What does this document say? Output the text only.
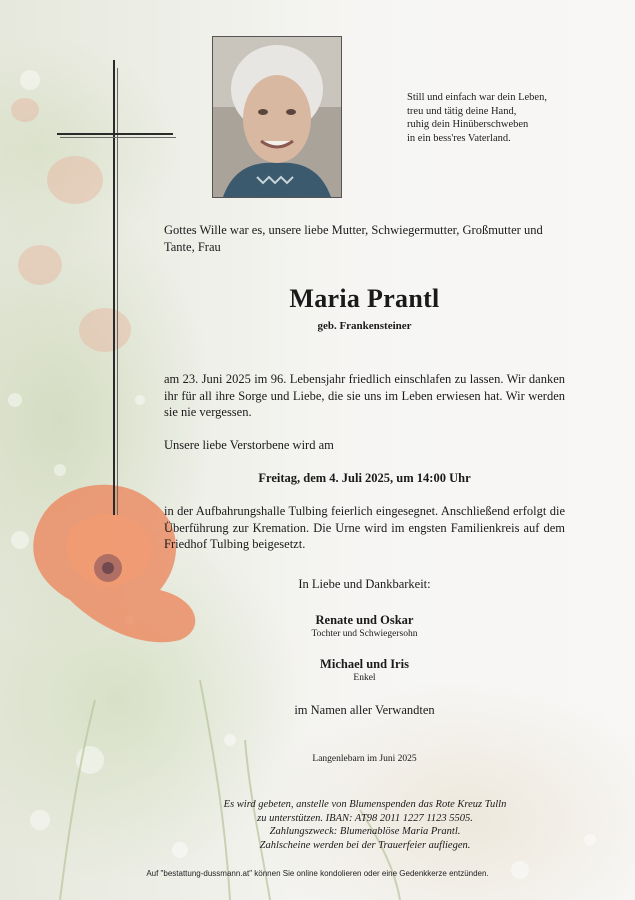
Still und einfach war dein Leben,
treu und tätig deine Hand,
ruhig dein Hinüberschweben
in ein bess'res Vaterland.
Gottes Wille war es, unsere liebe Mutter, Schwiegermutter, Großmutter und Tante, Frau
Maria Prantl
geb. Frankensteiner
am 23. Juni 2025 im 96. Lebensjahr friedlich einschlafen zu lassen. Wir danken ihr für all ihre Sorge und Liebe, die sie uns im Leben erwiesen hat. Wir werden sie nie vergessen.
Unsere liebe Verstorbene wird am
Freitag, dem 4. Juli 2025, um 14:00 Uhr
in der Aufbahrungshalle Tulbing feierlich eingesegnet. Anschließend erfolgt die Überführung zur Kremation. Die Urne wird im engsten Familienkreis auf dem Friedhof Tulbing beigesetzt.
In Liebe und Dankbarkeit:
Renate und Oskar
Tochter und Schwiegersohn
Michael und Iris
Enkel
im Namen aller Verwandten
Langenlebarn im Juni 2025
Es wird gebeten, anstelle von Blumenspenden das Rote Kreuz Tulln
zu unterstützen. IBAN: AT98 2011 1227 1123 5505.
Zahlungszweck: Blumenablöse Maria Prantl.
Zahlscheine werden bei der Trauerfeier aufliegen.
Auf "bestattung-dussmann.at" können Sie online kondolieren oder eine Gedenkkerze entzünden.
